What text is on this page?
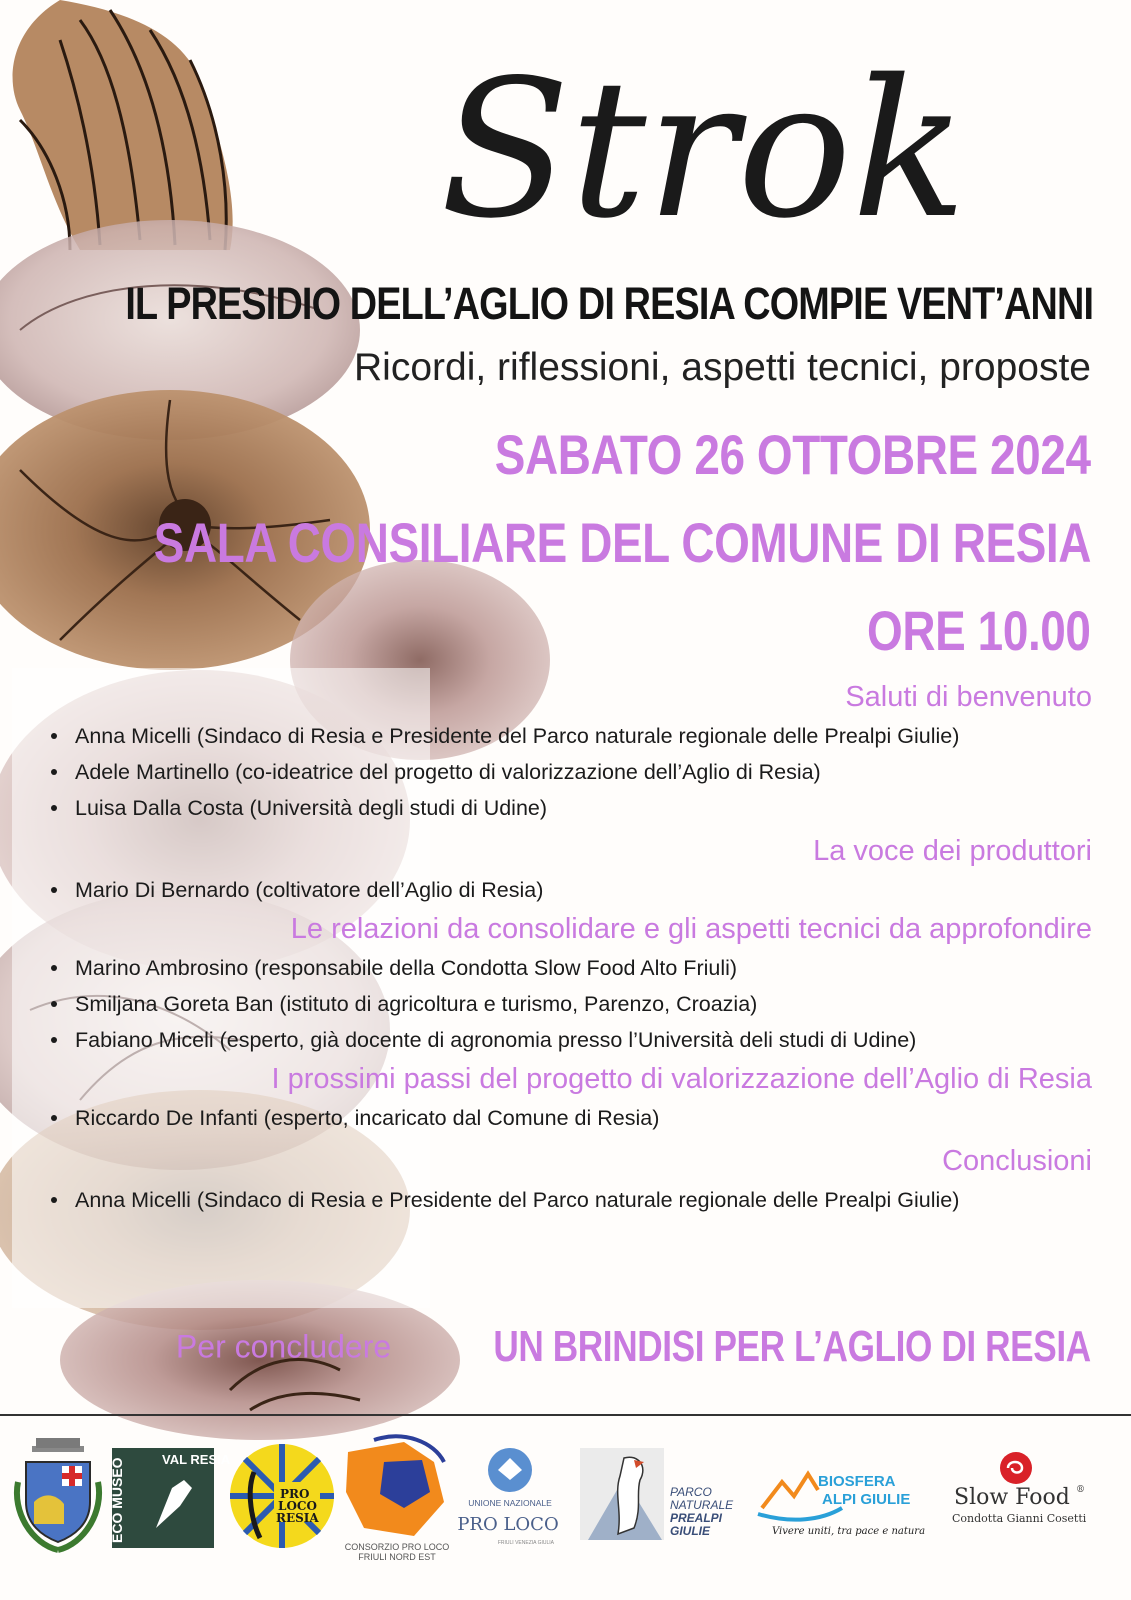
Strok
IL PRESIDIO DELL’AGLIO DI RESIA COMPIE VENT’ANNI
Ricordi, riflessioni, aspetti tecnici, proposte
SABATO 26 OTTOBRE 2024
SALA CONSILIARE DEL COMUNE DI RESIA
ORE 10.00

Saluti di benvenuto

Anna Micelli (Sindaco di Resia e Presidente del Parco naturale regionale delle Prealpi Giulie)
Adele Martinello (co-ideatrice del progetto di valorizzazione dell’Aglio di Resia)
Luisa Dalla Costa (Università degli studi di Udine)

La voce dei produttori

Mario Di Bernardo (coltivatore dell’Aglio di Resia)

Le relazioni da consolidare e gli aspetti tecnici da approfondire

Marino Ambrosino (responsabile della Condotta Slow Food Alto Friuli)
Smiljana Goreta Ban (istituto di agricoltura e turismo, Parenzo, Croazia)
Fabiano Miceli (esperto, già docente di agronomia presso l’Università deli studi di Udine)

I prossimi passi del progetto di valorizzazione dell’Aglio di Resia

Riccardo De Infanti (esperto, incaricato dal Comune di Resia)

Conclusioni

Anna Micelli (Sindaco di Resia e Presidente del Parco naturale regionale delle Prealpi Giulie)
Per concludere UN BRINDISI PER L’AGLIO DI RESIA
ECO MUSEO	VAL RESIA
PRO
LOCO
RESIA
CONSORZIO PRO LOCO FRIULI NORD EST
UNIONE NAZIONALE
PRO LOCO
FRIULI VENEZIA GIULIA
PARCO
NATURALE
PREALPI
GIULIE
BIOSFERA
ALPI GIULIE
Vivere uniti, tra pace e natura
Slow Food ®
Condotta Gianni Cosetti
